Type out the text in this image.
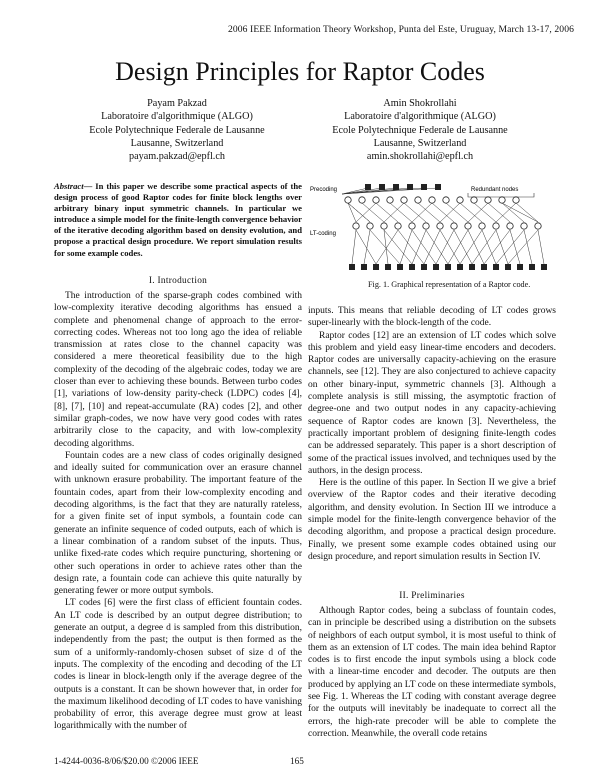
2006 IEEE Information Theory Workshop, Punta del Este, Uruguay, March 13-17, 2006
Design Principles for Raptor Codes
Payam Pakzad
Laboratoire d'algorithmique (ALGO)
Ecole Polytechnique Federale de Lausanne
Lausanne, Switzerland
payam.pakzad@epfl.ch
Amin Shokrollahi
Laboratoire d'algorithmique (ALGO)
Ecole Polytechnique Federale de Lausanne
Lausanne, Switzerland
amin.shokrollahi@epfl.ch
Abstract— In this paper we describe some practical aspects of the design process of good Raptor codes for finite block lengths over arbitrary binary input symmetric channels. In particular we introduce a simple model for the finite-length convergence behavior of the iterative decoding algorithm based on density evolution, and propose a practical design procedure. We report simulation results for some example codes.
I. Introduction

The introduction of the sparse-graph codes combined with low-complexity iterative decoding algorithms has ensued a complete and phenomenal change of approach to the error-correcting codes. Whereas not too long ago the idea of reliable transmission at rates close to the channel capacity was considered a mere theoretical feasibility due to the high complexity of the decoding of the algebraic codes, today we are closer than ever to achieving these bounds. Between turbo codes [1], variations of low-density parity-check (LDPC) codes [4], [8], [7], [10] and repeat-accumulate (RA) codes [2], and other similar graph-codes, we now have very good codes with rates arbitrarily close to the capacity, and with low-complexity decoding algorithms.

Fountain codes are a new class of codes originally designed and ideally suited for communication over an erasure channel with unknown erasure probability. The important feature of the fountain codes, apart from their low-complexity encoding and decoding algorithms, is the fact that they are naturally rateless, for a given finite set of input symbols, a fountain code can generate an infinite sequence of coded outputs, each of which is a linear combination of a random subset of the inputs. Thus, unlike fixed-rate codes which require puncturing, shortening or other such operations in order to achieve rates other than the design rate, a fountain code can achieve this quite naturally by generating fewer or more output symbols.

LT codes [6] were the first class of efficient fountain codes. An LT code is described by an output degree distribution; to generate an output, a degree d is sampled from this distribution, independently from the past; the output is then formed as the sum of a uniformly-randomly-chosen subset of size d of the inputs. The complexity of the encoding and decoding of the LT codes is linear in block-length only if the average degree of the outputs is a constant. It can be shown however that, in order for the maximum likelihood decoding of LT codes to have vanishing probability of error, this average degree must grow at least logarithmically with the number of

Precoding
LT-coding
Redundant nodes
Fig. 1. Graphical representation of a Raptor code.

inputs. This means that reliable decoding of LT codes grows super-linearly with the block-length of the code.

Raptor codes [12] are an extension of LT codes which solve this problem and yield easy linear-time encoders and decoders. Raptor codes are universally capacity-achieving on the erasure channels, see [12]. They are also conjectured to achieve capacity on other binary-input, symmetric channels [3]. Although a complete analysis is still missing, the asymptotic fraction of degree-one and two output nodes in any capacity-achieving sequence of Raptor codes are known [3]. Nevertheless, the practically important problem of designing finite-length codes can be addressed separately. This paper is a short description of some of the practical issues involved, and techniques used by the authors, in the design process.

Here is the outline of this paper. In Section II we give a brief overview of the Raptor codes and their iterative decoding algorithm, and density evolution. In Section III we introduce a simple model for the finite-length convergence behavior of the decoding algorithm, and propose a practical design procedure. Finally, we present some example codes obtained using our design procedure, and report simulation results in Section IV.

II. Preliminaries

Although Raptor codes, being a subclass of fountain codes, can in principle be described using a distribution on the subsets of neighbors of each output symbol, it is most useful to think of them as an extension of LT codes. The main idea behind Raptor codes is to first encode the input symbols using a block code with a linear-time encoder and decoder. The outputs are then produced by applying an LT code on these intermediate symbols, see Fig. 1. Whereas the LT coding with constant average degree for the outputs will inevitably be inadequate to correct all the errors, the high-rate precoder will be able to complete the correction. Meanwhile, the overall code retains

1-4244-0036-8/06/$20.00 ©2006 IEEE	165
